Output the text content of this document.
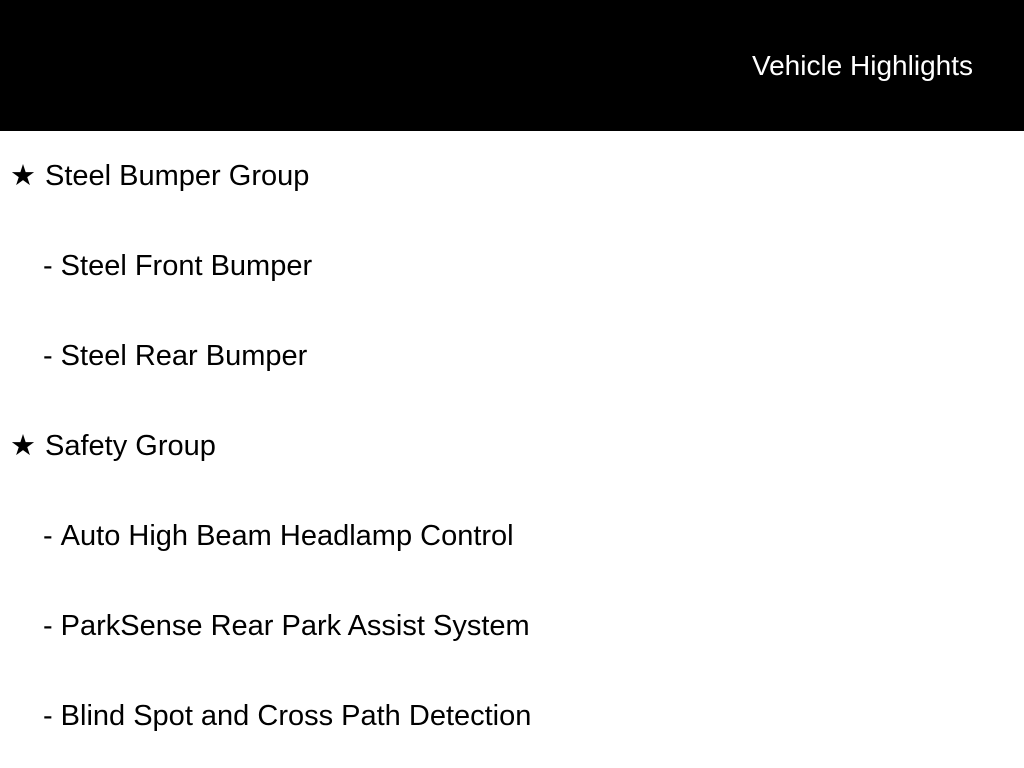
Vehicle Highlights
★ Steel Bumper Group
- Steel Front Bumper
- Steel Rear Bumper
★ Safety Group
- Auto High Beam Headlamp Control
- ParkSense Rear Park Assist System
- Blind Spot and Cross Path Detection
